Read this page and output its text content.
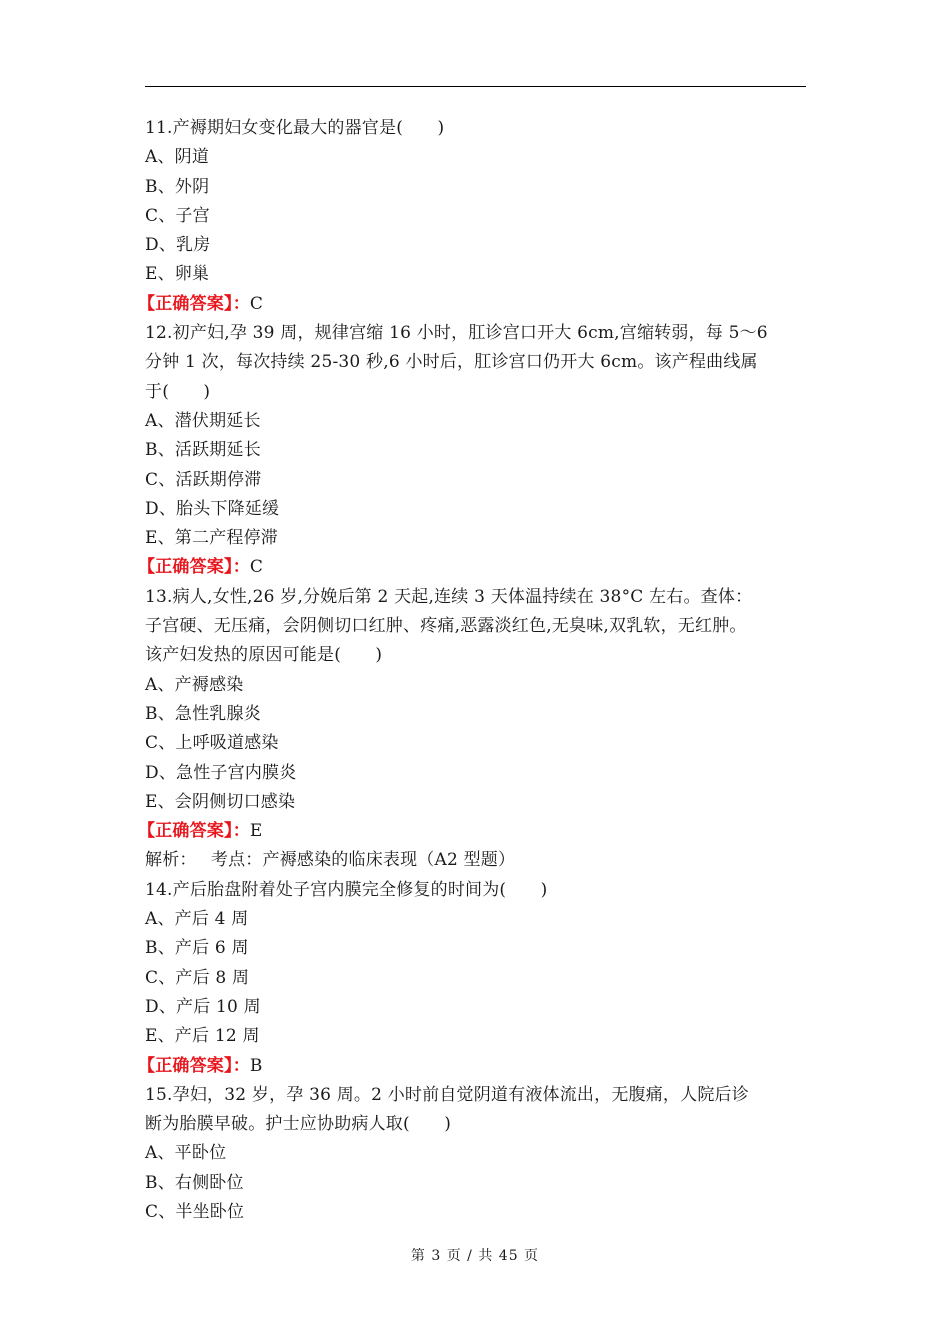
11.产褥期妇女变化最大的器官是(　　)
A、阴道
B、外阴
C、子宫
D、乳房
E、卵巢
【正确答案】：C
12.初产妇,孕 39 周，规律宫缩 16 小时，肛诊宫口开大 6cm,宫缩转弱，每 5～6
分钟 1 次，每次持续 25-30 秒,6 小时后，肛诊宫口仍开大 6cm。该产程曲线属
于(　　)
A、潜伏期延长
B、活跃期延长
C、活跃期停滞
D、胎头下降延缓
E、第二产程停滞
【正确答案】：C
13.病人,女性,26 岁,分娩后第 2 天起,连续 3 天体温持续在 38°C 左右。查体：
子宫硬、无压痛，会阴侧切口红肿、疼痛,恶露淡红色,无臭味,双乳软，无红肿。
该产妇发热的原因可能是(　　)
A、产褥感染
B、急性乳腺炎
C、上呼吸道感染
D、急性子宫内膜炎
E、会阴侧切口感染
【正确答案】：E
解析：　 考点：产褥感染的临床表现（A2 型题）
14.产后胎盘附着处子宫内膜完全修复的时间为(　　)
A、产后 4 周
B、产后 6 周
C、产后 8 周
D、产后 10 周
E、产后 12 周
【正确答案】：B
15.孕妇，32 岁，孕 36 周。2 小时前自觉阴道有液体流出，无腹痛，人院后诊
断为胎膜早破。护士应协助病人取(　　)
A、平卧位
B、右侧卧位
C、半坐卧位
第 3 页 / 共 45 页
